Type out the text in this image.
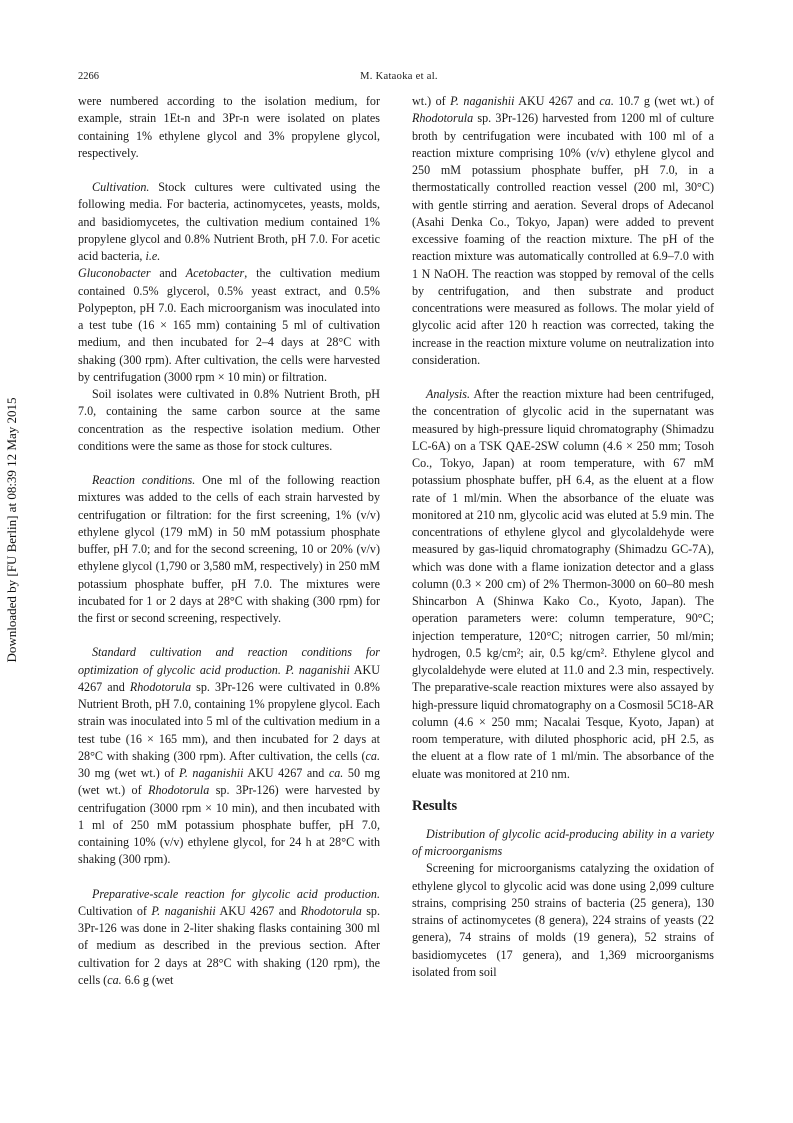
2266	M. Kataoka et al.
Downloaded by [FU Berlin] at 08:39 12 May 2015

were numbered according to the isolation medium, for example, strain 1Et-n and 3Pr-n were isolated on plates containing 1% ethylene glycol and 3% propylene glycol, respectively.

Cultivation. Stock cultures were cultivated using the following media. For bacteria, actinomycetes, yeasts, molds, and basidiomycetes, the cultivation medium contained 1% propylene glycol and 0.8% Nutrient Broth, pH 7.0. For acetic acid bacteria, i.e.
Gluconobacter and Acetobacter, the cultivation medium contained 0.5% glycerol, 0.5% yeast extract, and 0.5% Polypepton, pH 7.0. Each microorganism was inoculated into a test tube (16 × 165 mm) containing 5 ml of cultivation medium, and then incubated for 2–4 days at 28°C with shaking (300 rpm). After cultivation, the cells were harvested by centrifugation (3000 rpm × 10 min) or filtration.

Soil isolates were cultivated in 0.8% Nutrient Broth, pH 7.0, containing the same carbon source at the same concentration as the respective isolation medium. Other conditions were the same as those for stock cultures.

Reaction conditions. One ml of the following reaction mixtures was added to the cells of each strain harvested by centrifugation or filtration: for the first screening, 1% (v/v) ethylene glycol (179 mM) in 50 mM potassium phosphate buffer, pH 7.0; and for the second screening, 10 or 20% (v/v) ethylene glycol (1,790 or 3,580 mM, respectively) in 250 mM potassium phosphate buffer, pH 7.0. The mixtures were incubated for 1 or 2 days at 28°C with shaking (300 rpm) for the first or second screening, respectively.

Standard cultivation and reaction conditions for optimization of glycolic acid production. P. naganishii AKU 4267 and Rhodotorula sp. 3Pr-126 were cultivated in 0.8% Nutrient Broth, pH 7.0, containing 1% propylene glycol. Each strain was inoculated into 5 ml of the cultivation medium in a test tube (16 × 165 mm), and then incubated for 2 days at 28°C with shaking (300 rpm). After cultivation, the cells (ca. 30 mg (wet wt.) of P. naganishii AKU 4267 and ca. 50 mg (wet wt.) of Rhodotorula sp. 3Pr-126) were harvested by centrifugation (3000 rpm × 10 min), and then incubated with 1 ml of 250 mM potassium phosphate buffer, pH 7.0, containing 10% (v/v) ethylene glycol, for 24 h at 28°C with shaking (300 rpm).

Preparative-scale reaction for glycolic acid production. Cultivation of P. naganishii AKU 4267 and Rhodotorula sp. 3Pr-126 was done in 2-liter shaking flasks containing 300 ml of medium as described in the previous section. After cultivation for 2 days at 28°C with shaking (120 rpm), the cells (ca. 6.6 g (wet

wt.) of P. naganishii AKU 4267 and ca. 10.7 g (wet wt.) of Rhodotorula sp. 3Pr-126) harvested from 1200 ml of culture broth by centrifugation were incubated with 100 ml of a reaction mixture comprising 10% (v/v) ethylene glycol and 250 mM potassium phosphate buffer, pH 7.0, in a thermostatically controlled reaction vessel (200 ml, 30°C) with gentle stirring and aeration. Several drops of Adecanol (Asahi Denka Co., Tokyo, Japan) were added to prevent excessive foaming of the reaction mixture. The pH of the reaction mixture was automatically controlled at 6.9–7.0 with 1 N NaOH. The reaction was stopped by removal of the cells by centrifugation, and then substrate and product concentrations were measured as follows. The molar yield of glycolic acid after 120 h reaction was corrected, taking the increase in the reaction mixture volume on neutralization into consideration.

Analysis. After the reaction mixture had been centrifuged, the concentration of glycolic acid in the supernatant was measured by high-pressure liquid chromatography (Shimadzu LC-6A) on a TSK QAE-2SW column (4.6 × 250 mm; Tosoh Co., Tokyo, Japan) at room temperature, with 67 mM potassium phosphate buffer, pH 6.4, as the eluent at a flow rate of 1 ml/min. When the absorbance of the eluate was monitored at 210 nm, glycolic acid was eluted at 5.9 min. The concentrations of ethylene glycol and glycolaldehyde were measured by gas-liquid chromatography (Shimadzu GC-7A), which was done with a flame ionization detector and a glass column (0.3 × 200 cm) of 2% Thermon-3000 on 60–80 mesh Shincarbon A (Shinwa Kako Co., Kyoto, Japan). The operation parameters were: column temperature, 90°C; injection temperature, 120°C; nitrogen carrier, 50 ml/min; hydrogen, 0.5 kg/cm²; air, 0.5 kg/cm². Ethylene glycol and glycolaldehyde were eluted at 11.0 and 2.3 min, respectively. The preparative-scale reaction mixtures were also assayed by high-pressure liquid chromatography on a Cosmosil 5C18-AR column (4.6 × 250 mm; Nacalai Tesque, Kyoto, Japan) at room temperature, with diluted phosphoric acid, pH 2.5, as the eluent at a flow rate of 1 ml/min. The absorbance of the eluate was monitored at 210 nm.

Results

Distribution of glycolic acid-producing ability in a variety of microorganisms

Screening for microorganisms catalyzing the oxidation of ethylene glycol to glycolic acid was done using 2,099 culture strains, comprising 250 strains of bacteria (25 genera), 130 strains of actinomycetes (8 genera), 224 strains of yeasts (22 genera), 74 strains of molds (19 genera), 52 strains of basidiomycetes (17 genera), and 1,369 microorganisms isolated from soil
